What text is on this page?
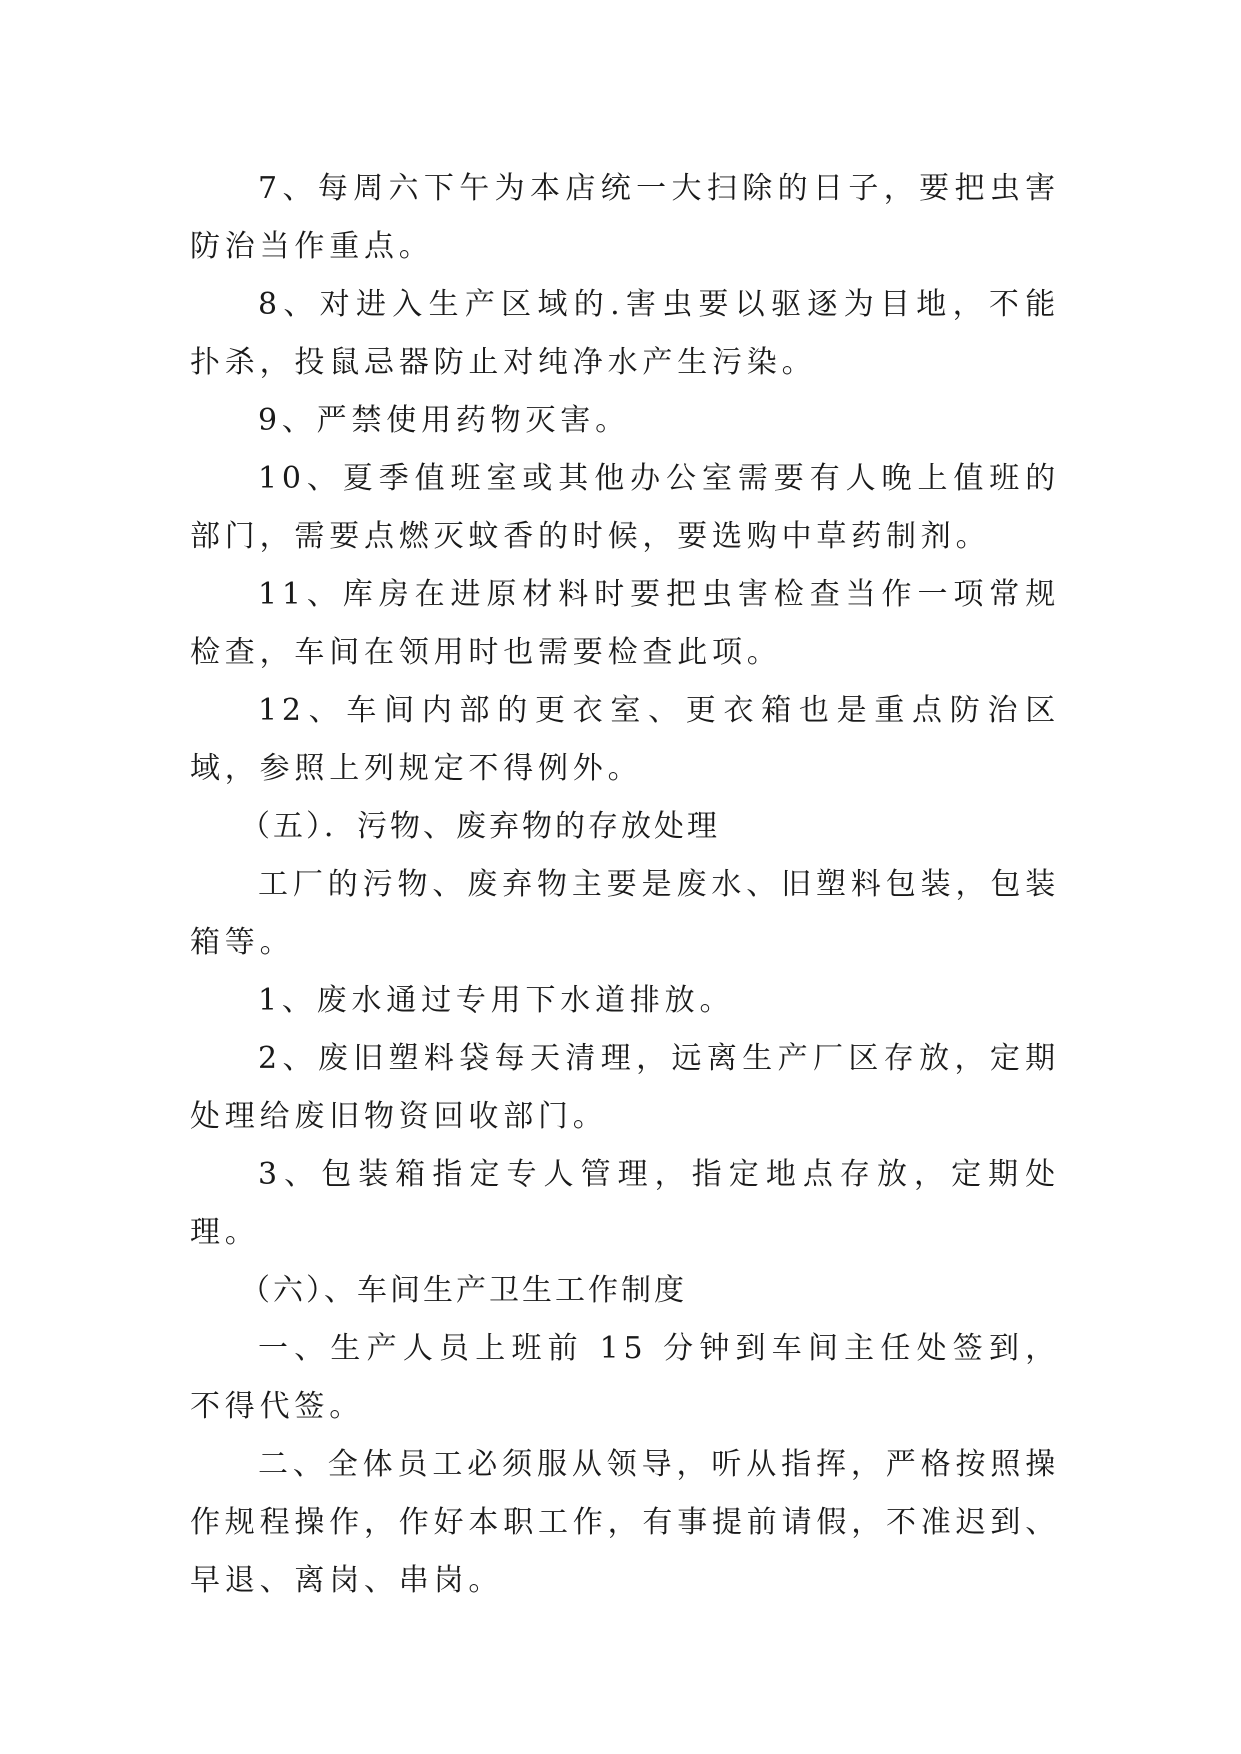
7、每周六下午为本店统一大扫除的日子，要把虫害防治当作重点。

8、对进入生产区域的.害虫要以驱逐为目地，不能扑杀，投鼠忌器防止对纯净水产生污染。

9、严禁使用药物灭害。

10、夏季值班室或其他办公室需要有人晚上值班的部门，需要点燃灭蚊香的时候，要选购中草药制剂。

11、库房在进原材料时要把虫害检查当作一项常规检查，车间在领用时也需要检查此项。

12、车间内部的更衣室、更衣箱也是重点防治区域，参照上列规定不得例外。

（五）．污物、废弃物的存放处理

工厂的污物、废弃物主要是废水、旧塑料包装，包装箱等。

1、废水通过专用下水道排放。

2、废旧塑料袋每天清理，远离生产厂区存放，定期处理给废旧物资回收部门。

3、包装箱指定专人管理，指定地点存放，定期处理。

（六）、车间生产卫生工作制度

一、生产人员上班前 15 分钟到车间主任处签到，不得代签。

二、全体员工必须服从领导，听从指挥，严格按照操作规程操作，作好本职工作，有事提前请假，不准迟到、早退、离岗、串岗。
